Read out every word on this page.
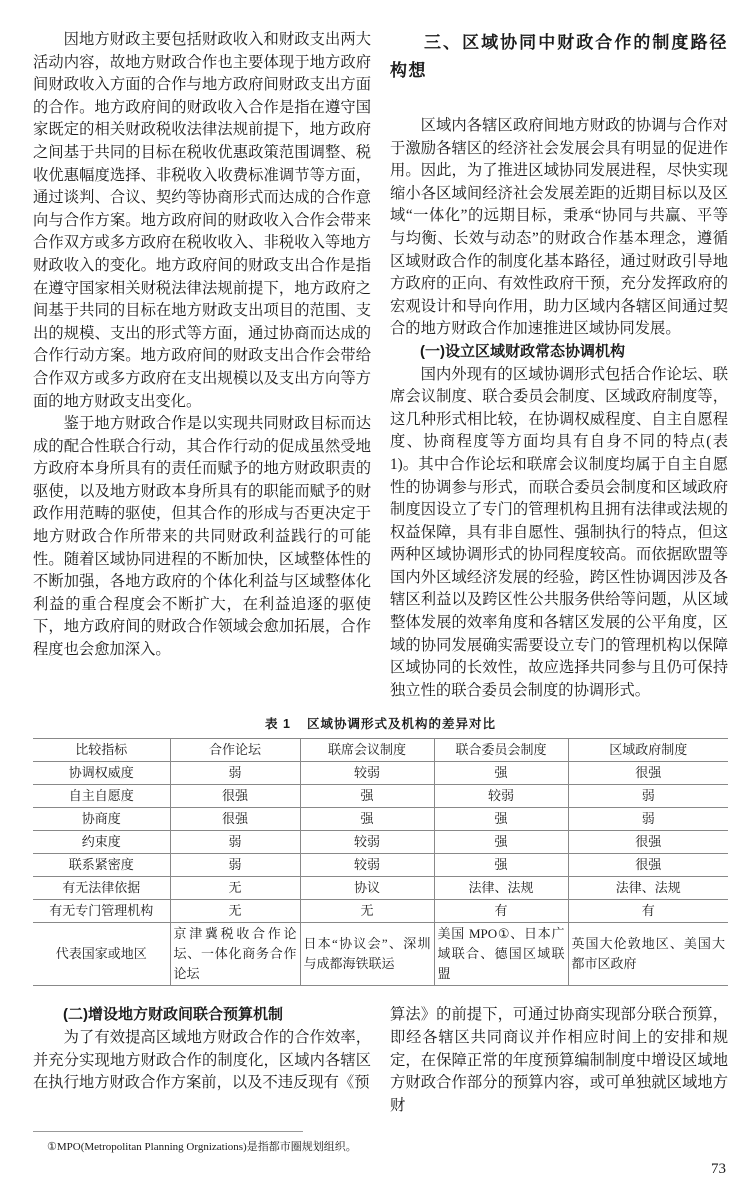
因地方财政主要包括财政收入和财政支出两大活动内容，故地方财政合作也主要体现于地方政府间财政收入方面的合作与地方政府间财政支出方面的合作。地方政府间的财政收入合作是指在遵守国家既定的相关财政税收法律法规前提下，地方政府之间基于共同的目标在税收优惠政策范围调整、税收优惠幅度选择、非税收入收费标准调节等方面，通过谈判、合议、契约等协商形式而达成的合作意向与合作方案。地方政府间的财政收入合作会带来合作双方或多方政府在税收收入、非税收入等地方财政收入的变化。地方政府间的财政支出合作是指在遵守国家相关财税法律法规前提下，地方政府之间基于共同的目标在地方财政支出项目的范围、支出的规模、支出的形式等方面，通过协商而达成的合作行动方案。地方政府间的财政支出合作会带给合作双方或多方政府在支出规模以及支出方向等方面的地方财政支出变化。

鉴于地方财政合作是以实现共同财政目标而达成的配合性联合行动，其合作行动的促成虽然受地方政府本身所具有的责任而赋予的地方财政职责的驱使，以及地方财政本身所具有的职能而赋予的财政作用范畴的驱使，但其合作的形成与否更决定于地方财政合作所带来的共同财政利益践行的可能性。随着区域协同进程的不断加快，区域整体性的不断加强，各地方政府的个体化利益与区域整体化利益的重合程度会不断扩大，在利益追逐的驱使下，地方政府间的财政合作领域会愈加拓展，合作程度也会愈加深入。

三、区域协同中财政合作的制度路径构想

区域内各辖区政府间地方财政的协调与合作对于激励各辖区的经济社会发展会具有明显的促进作用。因此，为了推进区域协同发展进程，尽快实现缩小各区域间经济社会发展差距的近期目标以及区域“一体化”的远期目标，秉承“协同与共赢、平等与均衡、长效与动态”的财政合作基本理念，遵循区域财政合作的制度化基本路径，通过财政引导地方政府的正向、有效性政府干预，充分发挥政府的宏观设计和导向作用，助力区域内各辖区间通过契合的地方财政合作加速推进区域协同发展。

(一)设立区域财政常态协调机构

国内外现有的区域协调形式包括合作论坛、联席会议制度、联合委员会制度、区域政府制度等，这几种形式相比较，在协调权威程度、自主自愿程度、协商程度等方面均具有自身不同的特点(表1)。其中合作论坛和联席会议制度均属于自主自愿性的协调参与形式，而联合委员会制度和区域政府制度因设立了专门的管理机构且拥有法律或法规的权益保障，具有非自愿性、强制执行的特点，但这两种区域协调形式的协同程度较高。而依据欧盟等国内外区域经济发展的经验，跨区性协调因涉及各辖区利益以及跨区性公共服务供给等问题，从区域整体发展的效率角度和各辖区发展的公平角度，区域的协同发展确实需要设立专门的管理机构以保障区域协同的长效性，故应选择共同参与且仍可保持独立性的联合委员会制度的协调形式。

表 1 区域协调形式及机构的差异对比
比较指标	合作论坛	联席会议制度	联合委员会制度	区域政府制度
协调权威度	弱	较弱	强	很强
自主自愿度	很强	强	较弱	弱
协商度	很强	强	强	弱
约束度	弱	较弱	强	很强
联系紧密度	弱	较弱	强	很强
有无法律依据	无	协议	法律、法规	法律、法规
有无专门管理机构	无	无	有	有
代表国家或地区	京津冀税收合作论坛、一体化商务合作论坛	日本“协议会”、深圳与成都海铁联运	美国 MPO①、日本广域联合、德国区域联盟	英国大伦敦地区、美国大都市区政府
(二)增设地方财政间联合预算机制

为了有效提高区域地方财政合作的合作效率，并充分实现地方财政合作的制度化，区域内各辖区在执行地方财政合作方案前，以及不违反现有《预

算法》的前提下，可通过协商实现部分联合预算，即经各辖区共同商议并作相应时间上的安排和规定，在保障正常的年度预算编制制度中增设区域地方财政合作部分的预算内容，或可单独就区域地方财

①MPO(Metropolitan Planning Orgnizations)是指都市圈规划组织。
73
